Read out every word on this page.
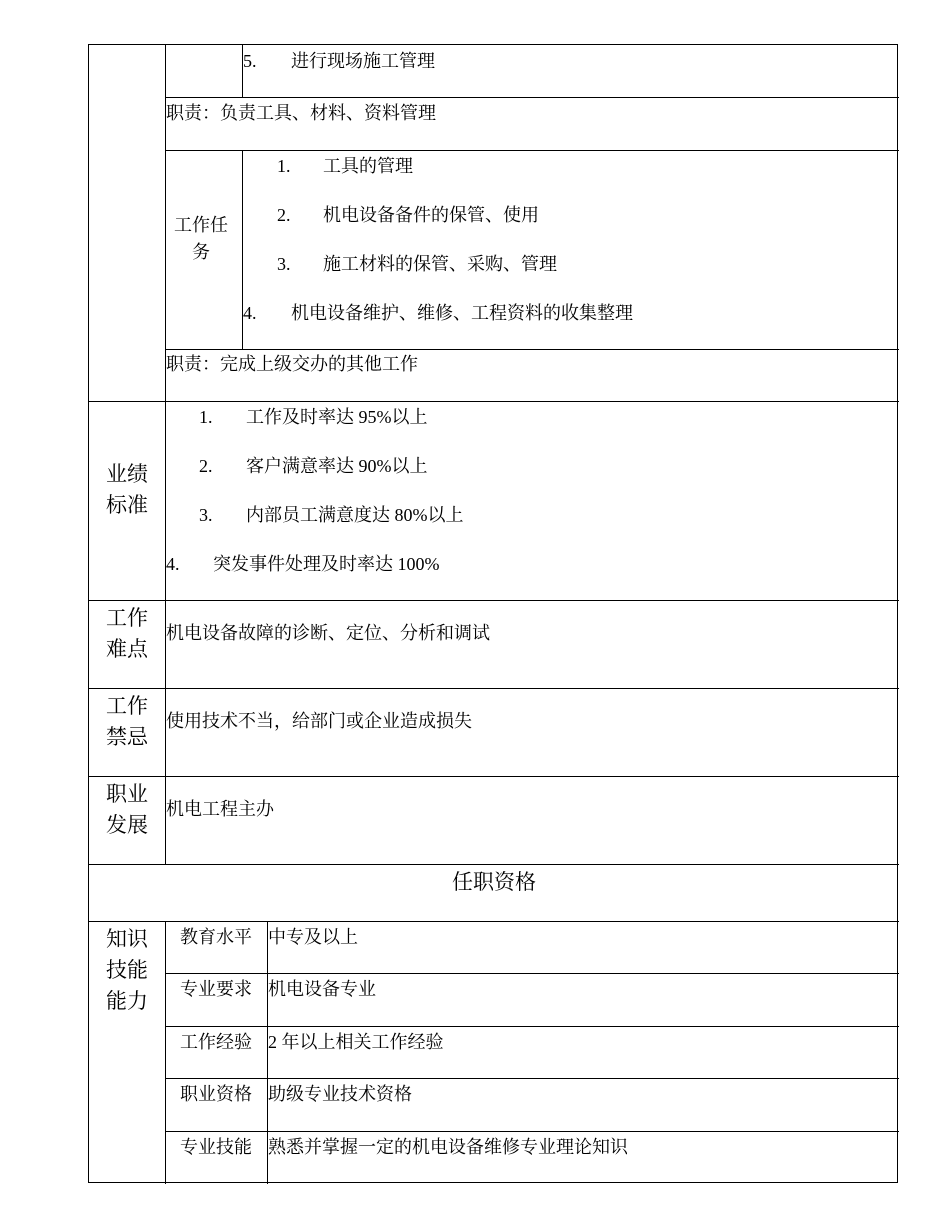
5. 进行现场施工管理
职责：负责工具、材料、资料管理
工作任务
1. 工具的管理
2. 机电设备备件的保管、使用
3. 施工材料的保管、采购、管理
4. 机电设备维护、维修、工程资料的收集整理
职责：完成上级交办的其他工作
业绩标准
1. 工作及时率达 95%以上
2. 客户满意率达 90%以上
3. 内部员工满意度达 80%以上
4. 突发事件处理及时率达 100%
工作难点
机电设备故障的诊断、定位、分析和调试
工作禁忌
使用技术不当，给部门或企业造成损失
职业发展
机电工程主办
任职资格
知识技能能力
教育水平 中专及以上
专业要求 机电设备专业
工作经验 2 年以上相关工作经验
职业资格 助级专业技术资格
专业技能 熟悉并掌握一定的机电设备维修专业理论知识
